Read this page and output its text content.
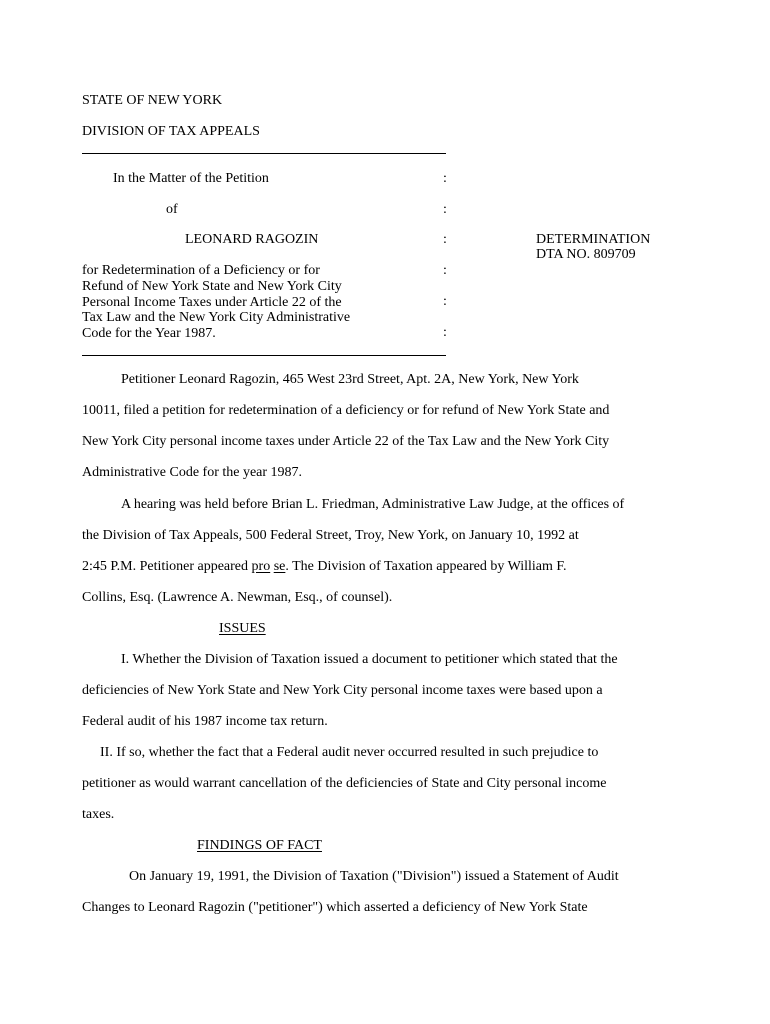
STATE OF NEW YORK
DIVISION OF TAX APPEALS
In the Matter of the Petition
of
LEONARD RAGOZIN
for Redetermination of a Deficiency or for
Refund of New York State and New York City
Personal Income Taxes under Article 22 of the
Tax Law and the New York City Administrative
Code for the Year 1987.
:
:
:
:
:
:
DETERMINATION
DTA NO. 809709
Petitioner Leonard Ragozin, 465 West 23rd Street, Apt. 2A, New York, New York
10011, filed a petition for redetermination of a deficiency or for refund of New York State and
New York City personal income taxes under Article 22 of the Tax Law and the New York City
Administrative Code for the year 1987.
A hearing was held before Brian L. Friedman, Administrative Law Judge, at the offices of
the Division of Tax Appeals, 500 Federal Street, Troy, New York, on January 10, 1992 at
2:45 P.M. Petitioner appeared pro se. The Division of Taxation appeared by William F.
Collins, Esq. (Lawrence A. Newman, Esq., of counsel).
ISSUES
I. Whether the Division of Taxation issued a document to petitioner which stated that the
deficiencies of New York State and New York City personal income taxes were based upon a
Federal audit of his 1987 income tax return.
II. If so, whether the fact that a Federal audit never occurred resulted in such prejudice to
petitioner as would warrant cancellation of the deficiencies of State and City personal income
taxes.
FINDINGS OF FACT
On January 19, 1991, the Division of Taxation ("Division") issued a Statement of Audit
Changes to Leonard Ragozin ("petitioner") which asserted a deficiency of New York State
